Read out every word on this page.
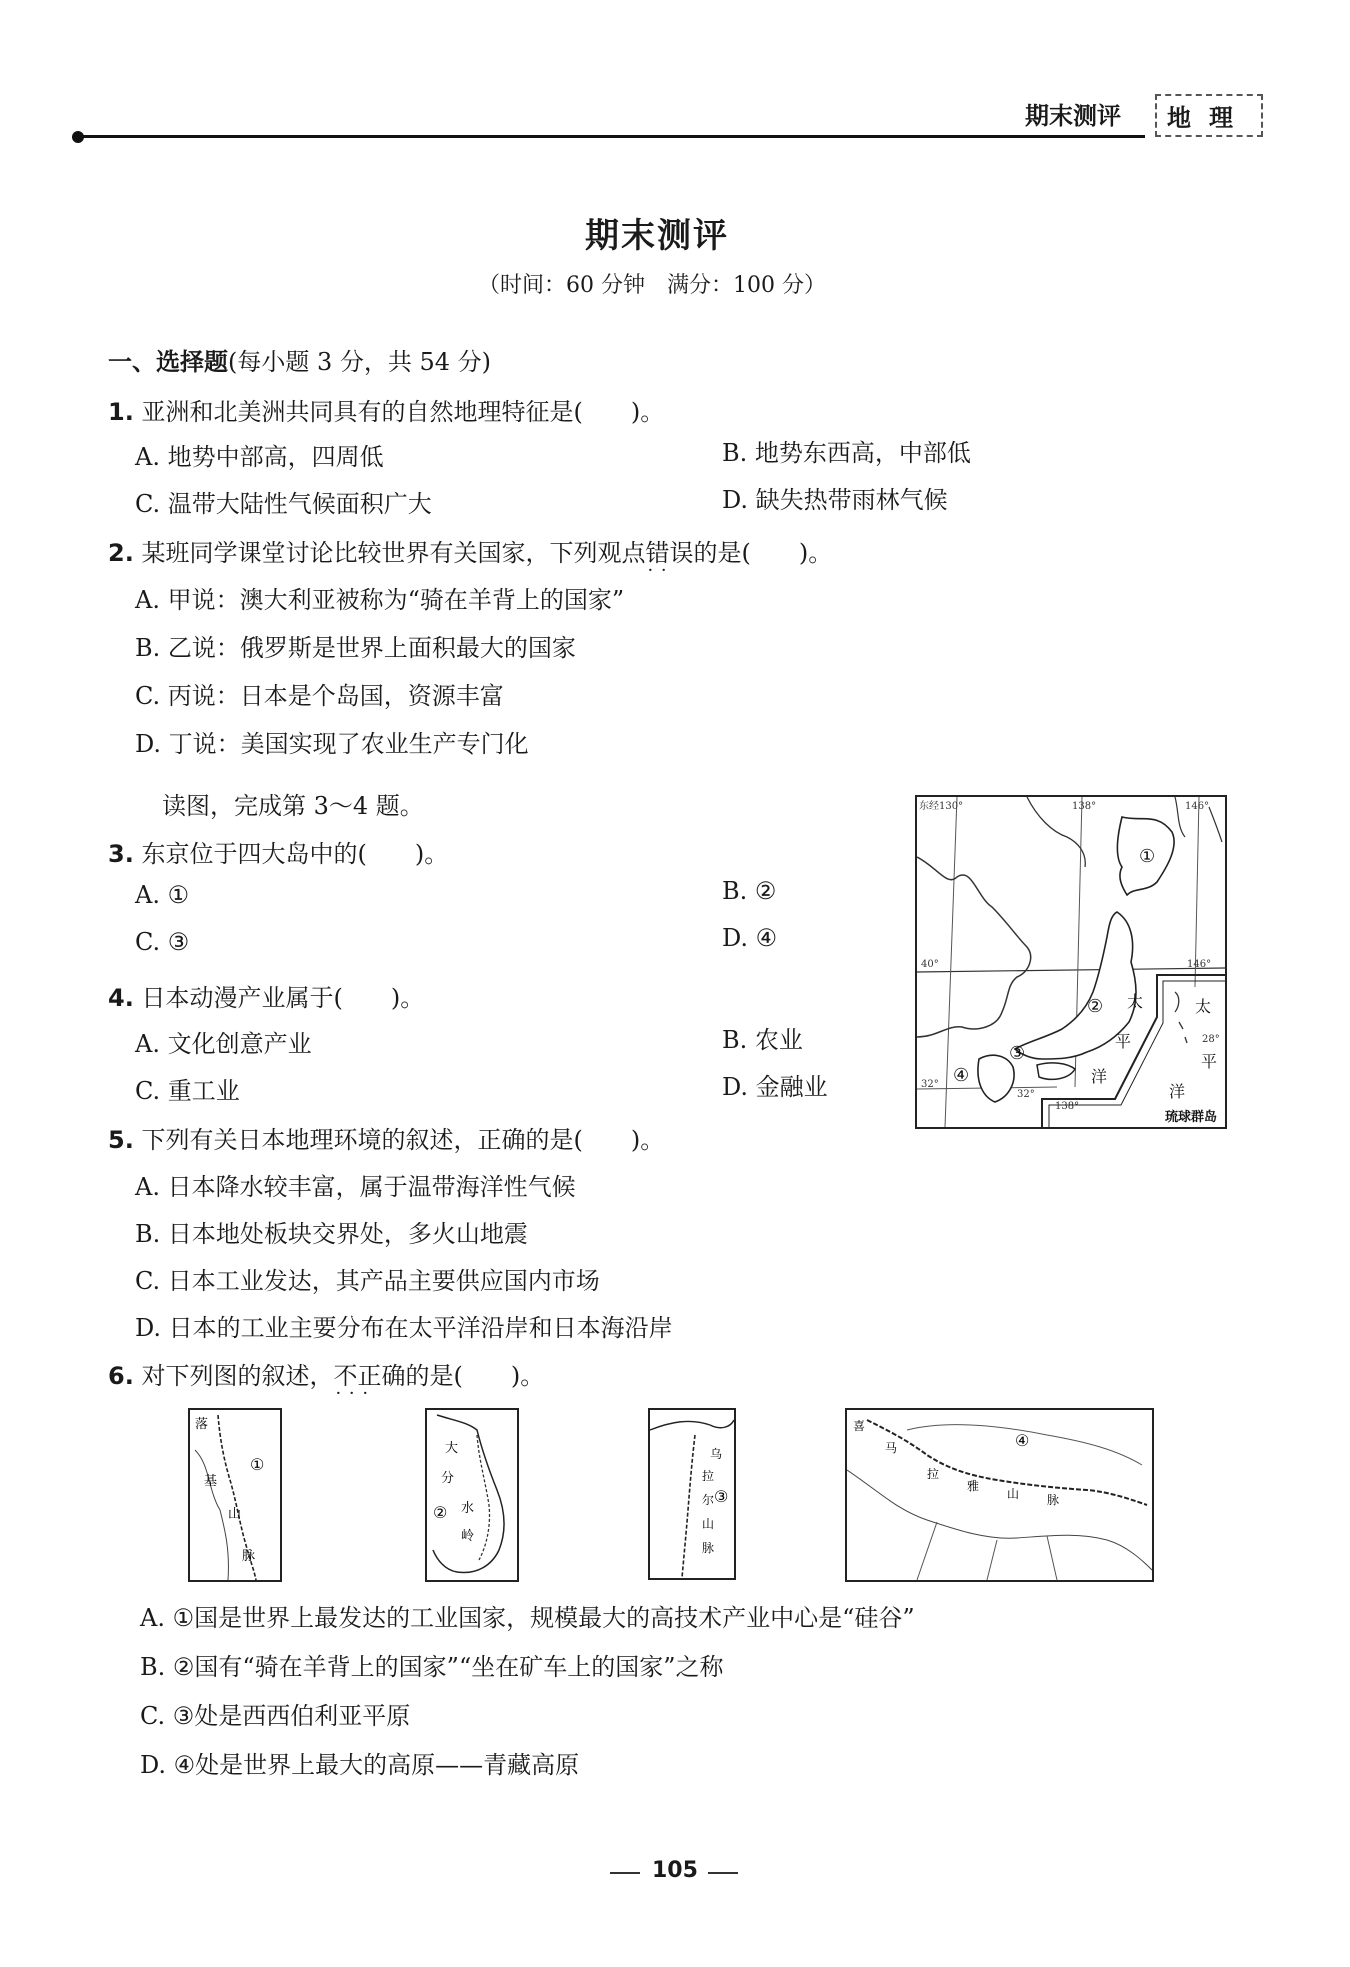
期末测评	地理
期末测评
（时间：60 分钟　满分：100 分）
一、选择题(每小题 3 分，共 54 分)
1. 亚洲和北美洲共同具有的自然地理特征是(　　)。
A. 地势中部高，四周低	B. 地势东西高，中部低
C. 温带大陆性气候面积广大	D. 缺失热带雨林气候
2. 某班同学课堂讨论比较世界有关国家，下列观点错误 · ·的是(　　)。
A. 甲说：澳大利亚被称为“骑在羊背上的国家”
B. 乙说：俄罗斯是世界上面积最大的国家
C. 丙说：日本是个岛国，资源丰富
D. 丁说：美国实现了农业生产专门化
读图，完成第 3～4 题。
3. 东京位于四大岛中的(　　)。
A. ①	B. ②
C. ③	D. ④
4. 日本动漫产业属于(　　)。
A. 文化创意产业	B. 农业
C. 重工业	D. 金融业
东经130°	138°	146°
146°
138°
40°
32°
32°
28°
①
②
③
④
太
平
洋
太
平
洋
琉球群岛
5. 下列有关日本地理环境的叙述，正确的是(　　)。
A. 日本降水较丰富，属于温带海洋性气候
B. 日本地处板块交界处，多火山地震
C. 日本工业发达，其产品主要供应国内市场
D. 日本的工业主要分布在太平洋沿岸和日本海沿岸
6. 对下列图的叙述，不正确 · · ·的是(　　)。
落
基
山
脉
①
大
分
水
岭
②
乌
拉
尔
山
脉
③
喜
马
拉
雅
山 脉
④
A. ①国是世界上最发达的工业国家，规模最大的高技术产业中心是“硅谷”
B. ②国有“骑在羊背上的国家”“坐在矿车上的国家”之称
C. ③处是西西伯利亚平原
D. ④处是世界上最大的高原——青藏高原
105
